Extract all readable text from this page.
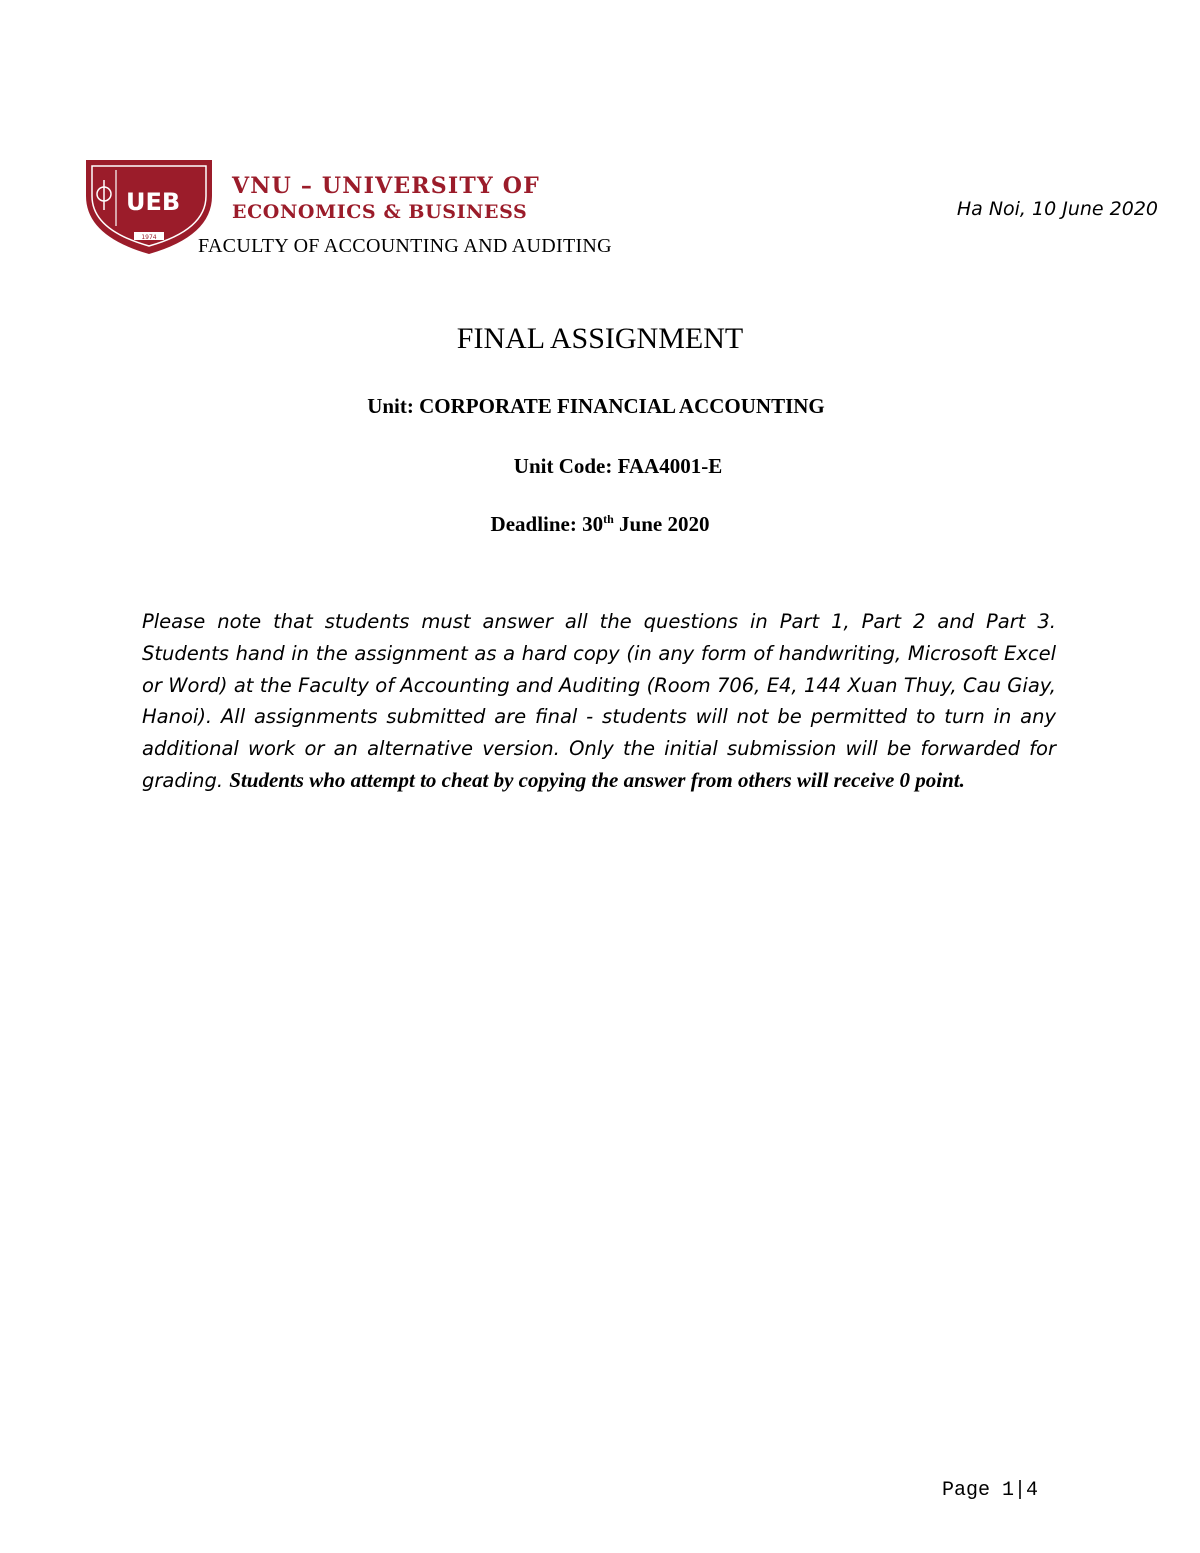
UEB
1974
VNU – UNIVERSITY OF
ECONOMICS & BUSINESS
FACULTY OF ACCOUNTING AND AUDITING
Ha Noi, 10 June 2020
FINAL ASSIGNMENT
Unit: CORPORATE FINANCIAL ACCOUNTING
Unit Code: FAA4001-E
Deadline: 30th June 2020
Please note that students must answer all the questions in Part 1, Part 2 and Part 3. Students hand in the assignment as a hard copy (in any form of handwriting, Microsoft Excel or Word) at the Faculty of Accounting and Auditing (Room 706, E4, 144 Xuan Thuy, Cau Giay, Hanoi). All assignments submitted are final - students will not be permitted to turn in any additional work or an alternative version. Only the initial submission will be forwarded for grading. Students who attempt to cheat by copying the answer from others will receive 0 point.
Page 1|4
